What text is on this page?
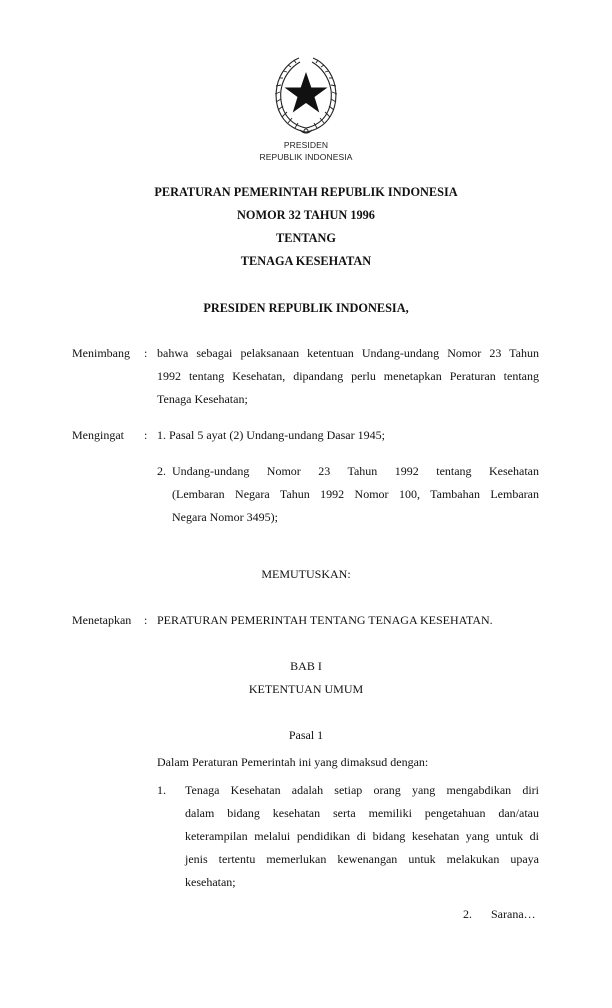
PRESIDEN
REPUBLIK INDONESIA
PERATURAN PEMERINTAH REPUBLIK INDONESIA
NOMOR 32 TAHUN 1996
TENTANG
TENAGA KESEHATAN
PRESIDEN REPUBLIK INDONESIA,
Menimbang : bahwa sebagai pelaksanaan ketentuan Undang-undang Nomor 23 Tahun
1992 tentang Kesehatan, dipandang perlu menetapkan Peraturan tentang
Tenaga Kesehatan;
Mengingat : 1. Pasal 5 ayat (2) Undang-undang Dasar 1945;
2. Undang-undang Nomor 23 Tahun 1992 tentang Kesehatan
(Lembaran Negara Tahun 1992 Nomor 100, Tambahan Lembaran
Negara Nomor 3495);
MEMUTUSKAN:
Menetapkan : PERATURAN PEMERINTAH TENTANG TENAGA KESEHATAN.
BAB I
KETENTUAN UMUM
Pasal 1
Dalam Peraturan Pemerintah ini yang dimaksud dengan:
1. Tenaga Kesehatan adalah setiap orang yang mengabdikan diri
dalam bidang kesehatan serta memiliki pengetahuan dan/atau
keterampilan melalui pendidikan di bidang kesehatan yang untuk di
jenis tertentu memerlukan kewenangan untuk melakukan upaya
kesehatan;
2. Sarana…
